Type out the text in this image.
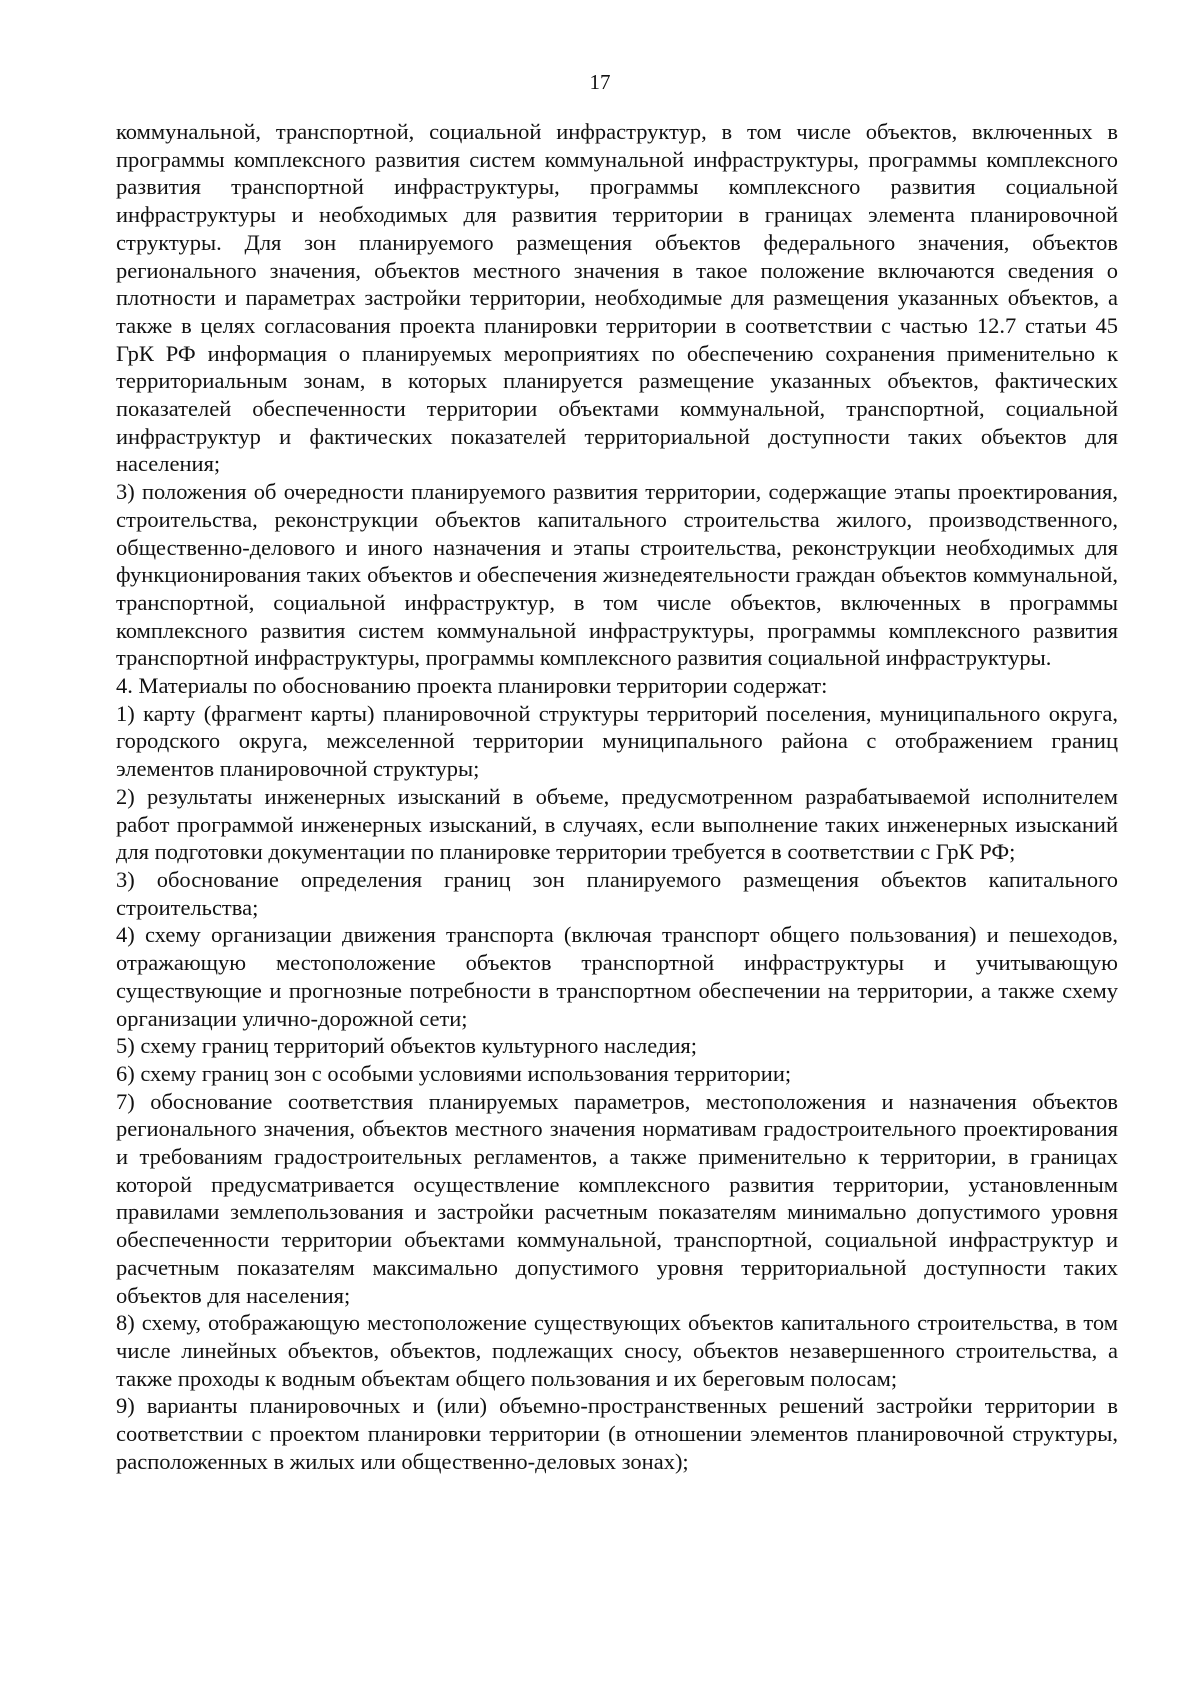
17

коммунальной, транспортной, социальной инфраструктур, в том числе объектов, включенных в программы комплексного развития систем коммунальной инфраструктуры, программы комплексного развития транспортной инфраструктуры, программы комплексного развития социальной инфраструктуры и необходимых для развития территории в границах элемента планировочной структуры. Для зон планируемого размещения объектов федерального значения, объектов регионального значения, объектов местного значения в такое положение включаются сведения о плотности и параметрах застройки территории, необходимые для размещения указанных объектов, а также в целях согласования проекта планировки территории в соответствии с частью 12.7 статьи 45 ГрК РФ информация о планируемых мероприятиях по обеспечению сохранения применительно к территориальным зонам, в которых планируется размещение указанных объектов, фактических показателей обеспеченности территории объектами коммунальной, транспортной, социальной инфраструктур и фактических показателей территориальной доступности таких объектов для населения;

3) положения об очередности планируемого развития территории, содержащие этапы проектирования, строительства, реконструкции объектов капитального строительства жилого, производственного, общественно-делового и иного назначения и этапы строительства, реконструкции необходимых для функционирования таких объектов и обеспечения жизнедеятельности граждан объектов коммунальной, транспортной, социальной инфраструктур, в том числе объектов, включенных в программы комплексного развития систем коммунальной инфраструктуры, программы комплексного развития транспортной инфраструктуры, программы комплексного развития социальной инфраструктуры.

4. Материалы по обоснованию проекта планировки территории содержат:

1) карту (фрагмент карты) планировочной структуры территорий поселения, муниципального округа, городского округа, межселенной территории муниципального района с отображением границ элементов планировочной структуры;

2) результаты инженерных изысканий в объеме, предусмотренном разрабатываемой исполнителем работ программой инженерных изысканий, в случаях, если выполнение таких инженерных изысканий для подготовки документации по планировке территории требуется в соответствии с ГрК РФ;

3) обоснование определения границ зон планируемого размещения объектов капитального строительства;

4) схему организации движения транспорта (включая транспорт общего пользования) и пешеходов, отражающую местоположение объектов транспортной инфраструктуры и учитывающую существующие и прогнозные потребности в транспортном обеспечении на территории, а также схему организации улично-дорожной сети;

5) схему границ территорий объектов культурного наследия;

6) схему границ зон с особыми условиями использования территории;

7) обоснование соответствия планируемых параметров, местоположения и назначения объектов регионального значения, объектов местного значения нормативам градостроительного проектирования и требованиям градостроительных регламентов, а также применительно к территории, в границах которой предусматривается осуществление комплексного развития территории, установленным правилами землепользования и застройки расчетным показателям минимально допустимого уровня обеспеченности территории объектами коммунальной, транспортной, социальной инфраструктур и расчетным показателям максимально допустимого уровня территориальной доступности таких объектов для населения;

8) схему, отображающую местоположение существующих объектов капитального строительства, в том числе линейных объектов, объектов, подлежащих сносу, объектов незавершенного строительства, а также проходы к водным объектам общего пользования и их береговым полосам;

9) варианты планировочных и (или) объемно-пространственных решений застройки территории в соответствии с проектом планировки территории (в отношении элементов планировочной структуры, расположенных в жилых или общественно-деловых зонах);
